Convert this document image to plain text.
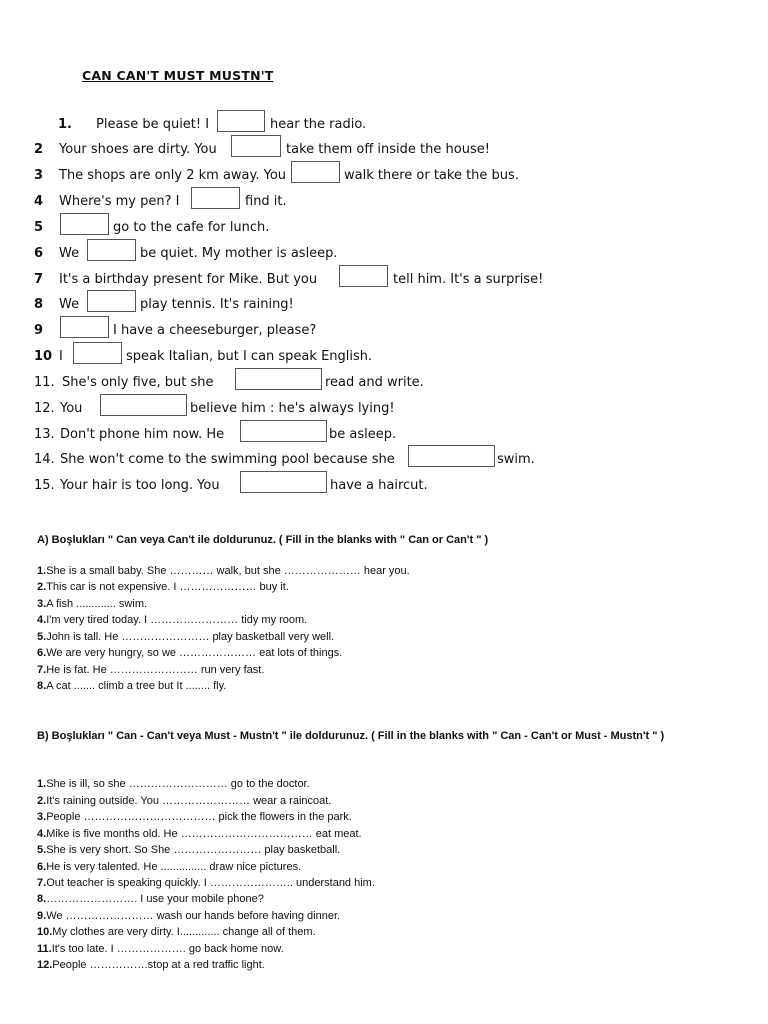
CAN CAN'T MUST MUSTN'T
1. Please be quiet! I	hear the radio.
2 Your shoes are dirty. You	take them off inside the house!
3 The shops are only 2 km away. You	walk there or take the bus.
4 Where's my pen? I	find it.
5	go to the cafe for lunch.
6 We	be quiet. My mother is asleep.
7 It's a birthday present for Mike. But you	tell him. It's a surprise!
8 We	play tennis. It's raining!
9	I have a cheeseburger, please?
10 I	speak Italian, but I can speak English.
11. She's only five, but she	read and write.
12. You	believe him : he's always lying!
13. Don't phone him now. He	be asleep.
14. She won't come to the swimming pool because she	swim.
15. Your hair is too long. You	have a haircut.
A) Boşlukları " Can veya Can't ile doldurunuz. ( Fill in the blanks with " Can or Can't " )
1.She is a small baby. She ………… walk, but she ………………… hear you.
2.This car is not expensive. I ………………… buy it.
3.A fish ............. swim.
4.I'm very tired today. I …………………… tidy my room.
5.John is tall. He …………………… play basketball very well.
6.We are very hungry, so we ………………… eat lots of things.
7.He is fat. He …………………… run very fast.
8.A cat ....... climb a tree but It ........ fly.
B) Boşlukları " Can - Can't veya Must - Mustn't " ile doldurunuz. ( Fill in the blanks with " Can - Can't or Must - Mustn't " )
1.She is ill, so she ……………………… go to the doctor.
2.It's raining outside. You …………………… wear a raincoat.
3.People ……………………………… pick the flowers in the park.
4.Mike is five months old. He ……………………………… eat meat.
5.She is very short. So She …………………… play basketball.
6.He is very talented. He ............... draw nice pictures.
7.Out teacher is speaking quickly. I ………………….. understand him.
8.……………………. I use your mobile phone?
9.We …………………… wash our hands before having dinner.
10.My clothes are very dirty. I............. change all of them.
11.It's too late. I ………………. go back home now.
12.People …………….stop at a red traffic light.
